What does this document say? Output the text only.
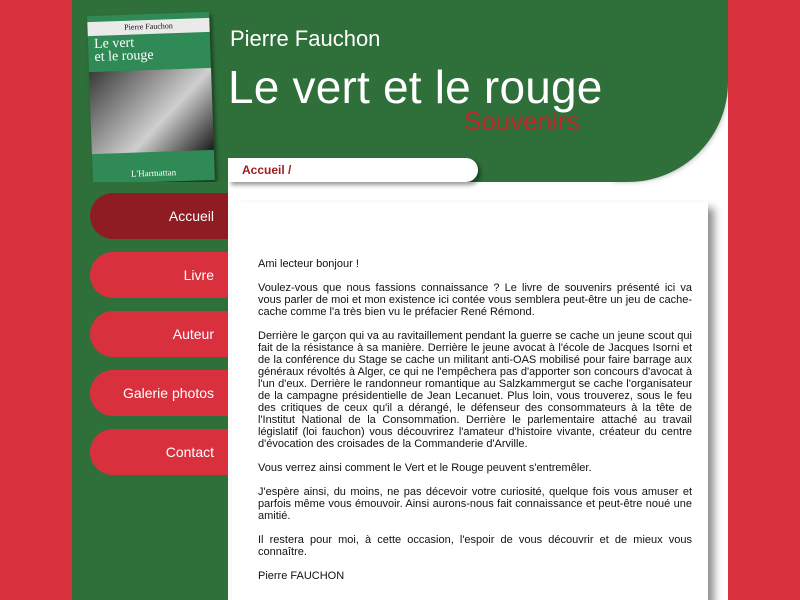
Pierre Fauchon
Le vert
et le rouge
L'Harmattan
Pierre Fauchon
Le vert et le rouge
Souvenirs
Accueil /
Accueil
Livre
Auteur
Galerie photos
Contact

Ami lecteur bonjour !

Voulez-vous que nous fassions connaissance ? Le livre de souvenirs présenté ici va vous parler de moi et mon existence ici contée vous semblera peut-être un jeu de cache-cache comme l'a très bien vu le préfacier René Rémond.

Derrière le garçon qui va au ravitaillement pendant la guerre se cache un jeune scout qui fait de la résistance à sa manière. Derrière le jeune avocat à l'école de Jacques Isorni et de la conférence du Stage se cache un militant anti-OAS mobilisé pour faire barrage aux généraux révoltés à Alger, ce qui ne l'empêchera pas d'apporter son concours d'avocat à l'un d'eux. Derrière le randonneur romantique au Salzkammergut se cache l'organisateur de la campagne présidentielle de Jean Lecanuet. Plus loin, vous trouverez, sous le feu des critiques de ceux qu'il a dérangé, le défenseur des consommateurs à la tête de l'Institut National de la Consommation. Derrière le parlementaire attaché au travail législatif (loi fauchon) vous découvrirez l'amateur d'histoire vivante, créateur du centre d'évocation des croisades de la Commanderie d'Arville.

Vous verrez ainsi comment le Vert et le Rouge peuvent s'entremêler.

J'espère ainsi, du moins, ne pas décevoir votre curiosité, quelque fois vous amuser et parfois même vous émouvoir. Ainsi aurons-nous fait connaissance et peut-être noué une amitié.

Il restera pour moi, à cette occasion, l'espoir de vous découvrir et de mieux vous connaître.

Pierre FAUCHON
